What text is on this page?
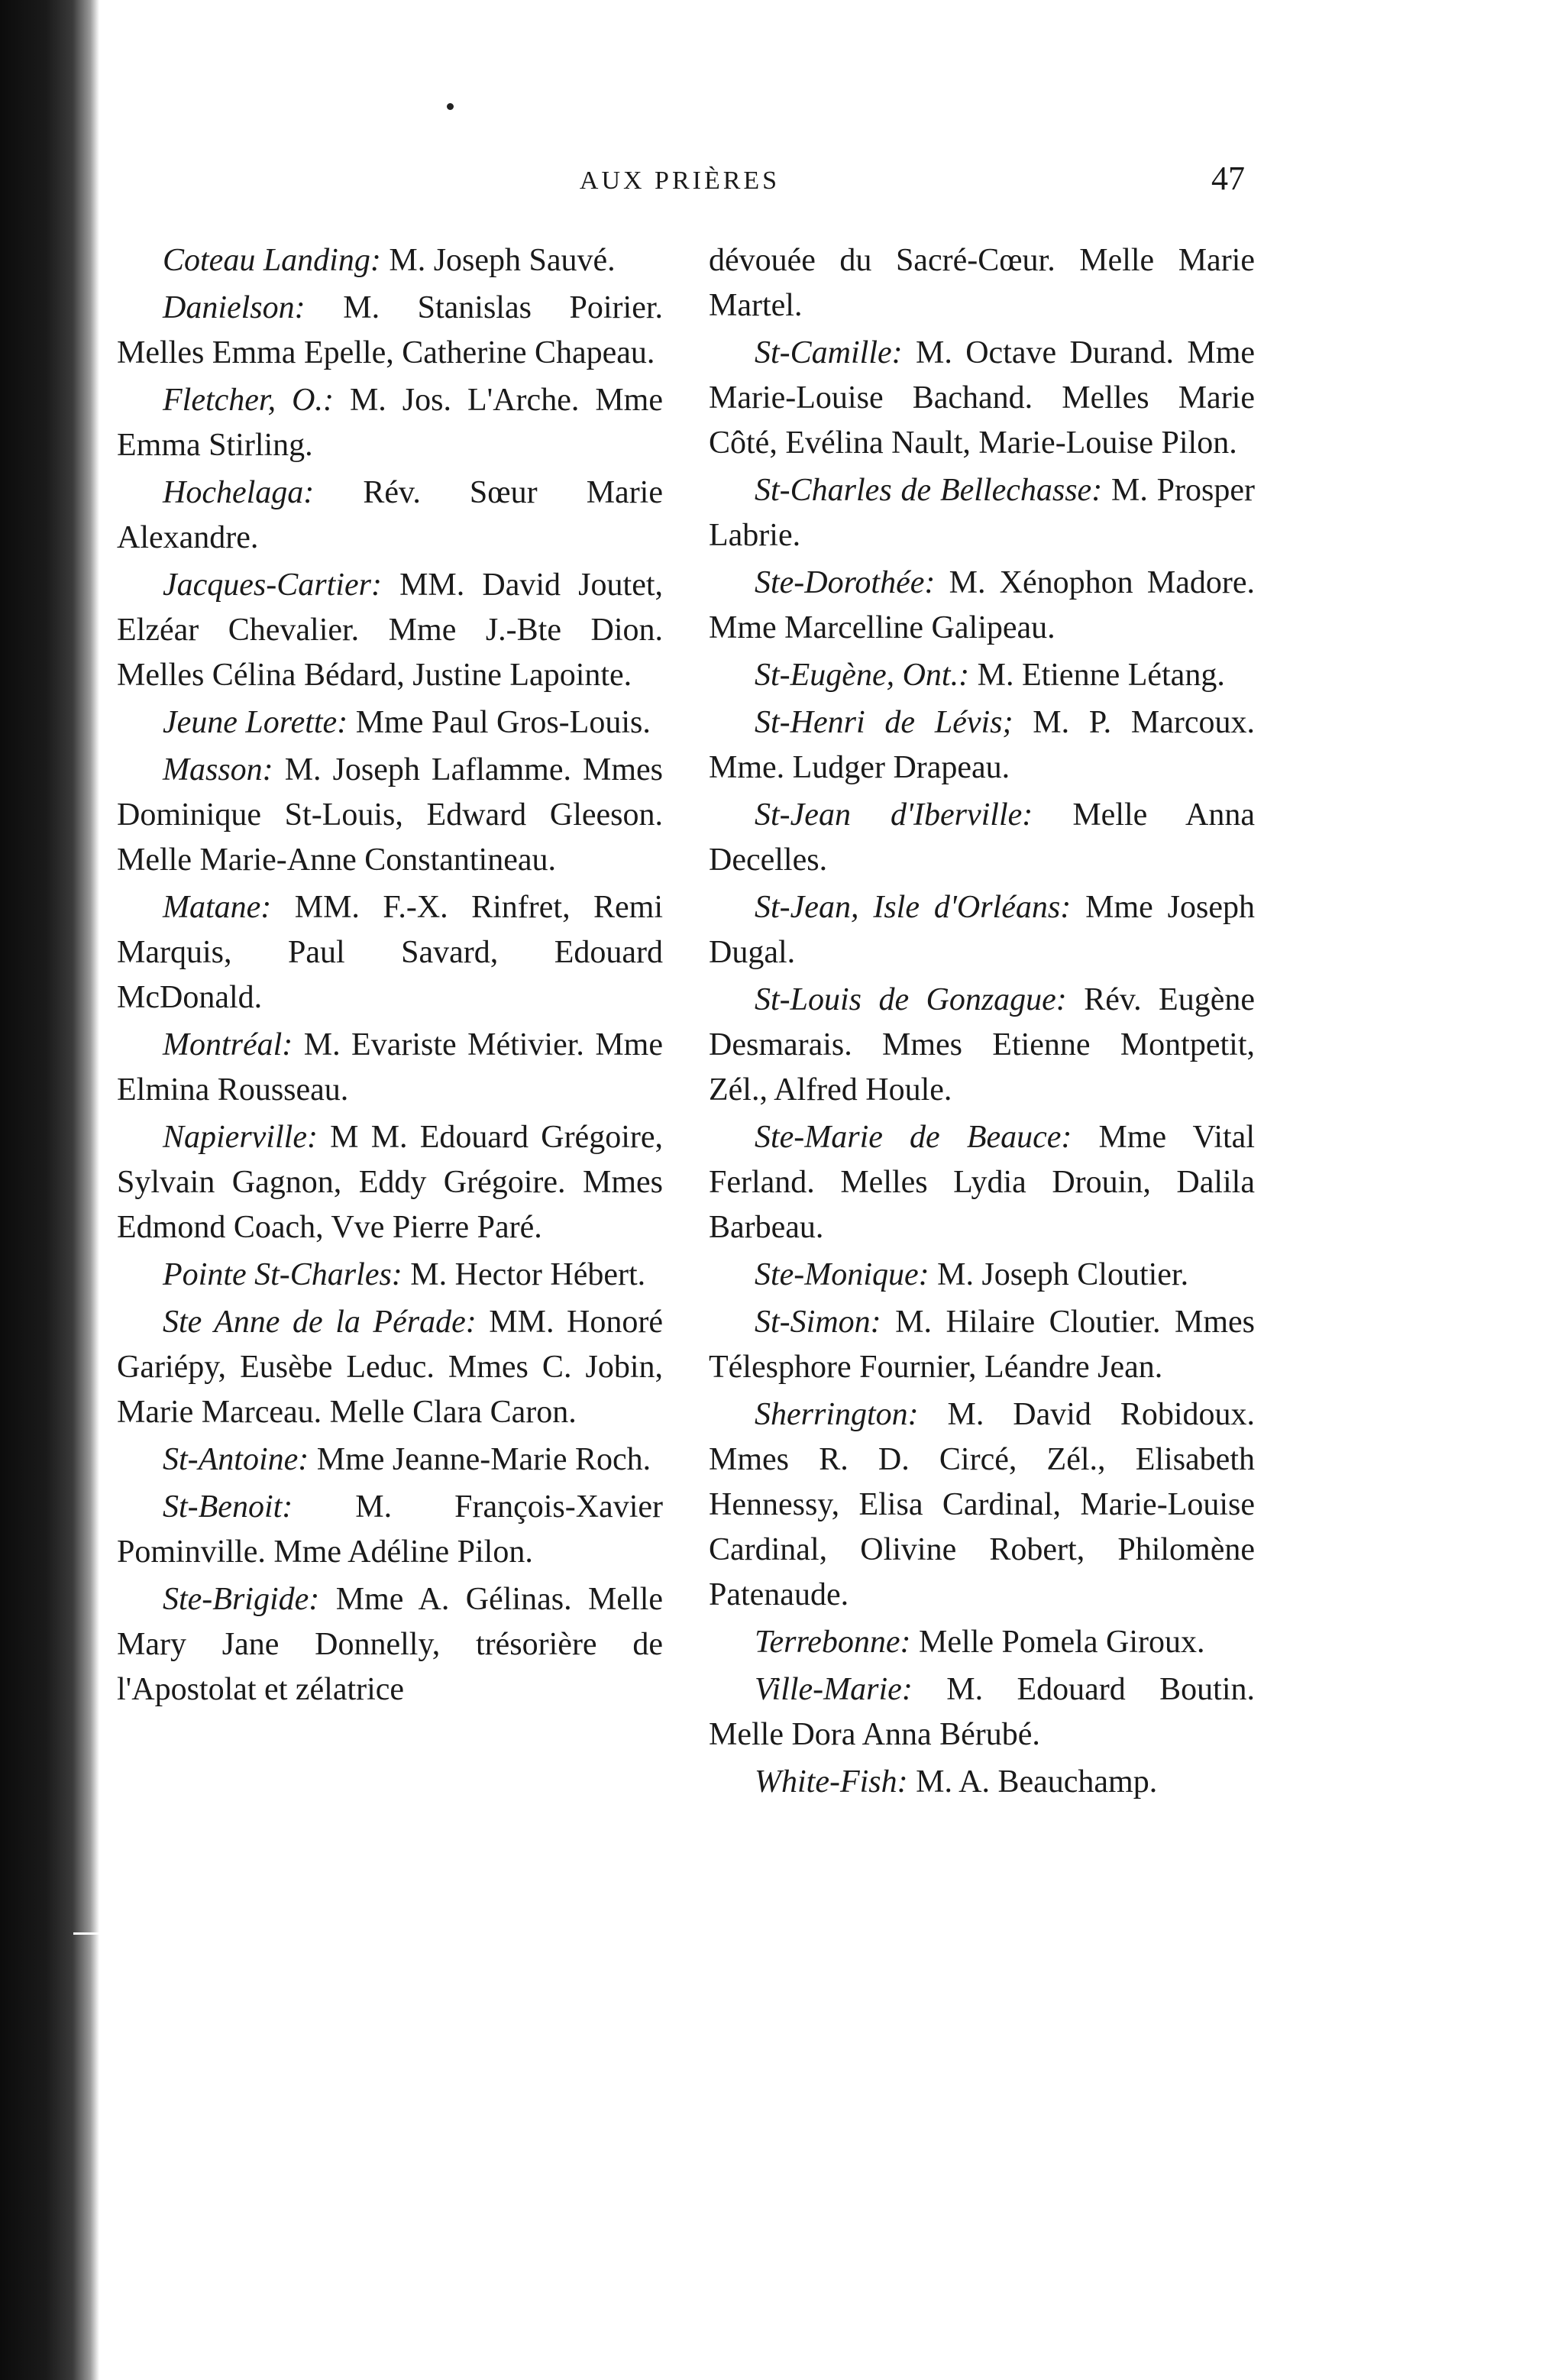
AUX PRIÈRES	47

Coteau Landing: M. Joseph Sauvé.

Danielson: M. Stanislas Poirier. Melles Emma Epelle, Catherine Chapeau.

Fletcher, O.: M. Jos. L'Arche. Mme Emma Stirling.

Hochelaga: Rév. Sœur Marie Alexandre.

Jacques-Cartier: MM. David Joutet, Elzéar Chevalier. Mme J.-Bte Dion. Melles Célina Bédard, Justine Lapointe.

Jeune Lorette: Mme Paul Gros-Louis.

Masson: M. Joseph Laflamme. Mmes Dominique St-Louis, Edward Gleeson. Melle Marie-Anne Constantineau.

Matane: MM. F.-X. Rinfret, Remi Marquis, Paul Savard, Edouard McDonald.

Montréal: M. Evariste Métivier. Mme Elmina Rousseau.

Napierville: M M. Edouard Grégoire, Sylvain Gagnon, Eddy Grégoire. Mmes Edmond Coach, Vve Pierre Paré.

Pointe St-Charles: M. Hector Hébert.

Ste Anne de la Pérade: MM. Honoré Gariépy, Eusèbe Leduc. Mmes C. Jobin, Marie Marceau. Melle Clara Caron.

St-Antoine: Mme Jeanne-Marie Roch.

St-Benoit: M. François-Xavier Pominville. Mme Adéline Pilon.

Ste-Brigide: Mme A. Gélinas. Melle Mary Jane Donnelly, trésorière de l'Apostolat et zélatrice

dévouée du Sacré-Cœur. Melle Marie Martel.

St-Camille: M. Octave Durand. Mme Marie-Louise Bachand. Melles Marie Côté, Evélina Nault, Marie-Louise Pilon.

St-Charles de Bellechasse: M. Prosper Labrie.

Ste-Dorothée: M. Xénophon Madore. Mme Marcelline Galipeau.

St-Eugène, Ont.: M. Etienne Létang.

St-Henri de Lévis; M. P. Marcoux. Mme. Ludger Drapeau.

St-Jean d'Iberville: Melle Anna Decelles.

St-Jean, Isle d'Orléans: Mme Joseph Dugal.

St-Louis de Gonzague: Rév. Eugène Desmarais. Mmes Etienne Montpetit, Zél., Alfred Houle.

Ste-Marie de Beauce: Mme Vital Ferland. Melles Lydia Drouin, Dalila Barbeau.

Ste-Monique: M. Joseph Cloutier.

St-Simon: M. Hilaire Cloutier. Mmes Télesphore Fournier, Léandre Jean.

Sherrington: M. David Robidoux. Mmes R. D. Circé, Zél., Elisabeth Hennessy, Elisa Cardinal, Marie-Louise Cardinal, Olivine Robert, Philomène Patenaude.

Terrebonne: Melle Pomela Giroux.

Ville-Marie: M. Edouard Boutin. Melle Dora Anna Bérubé.

White-Fish: M. A. Beauchamp.
